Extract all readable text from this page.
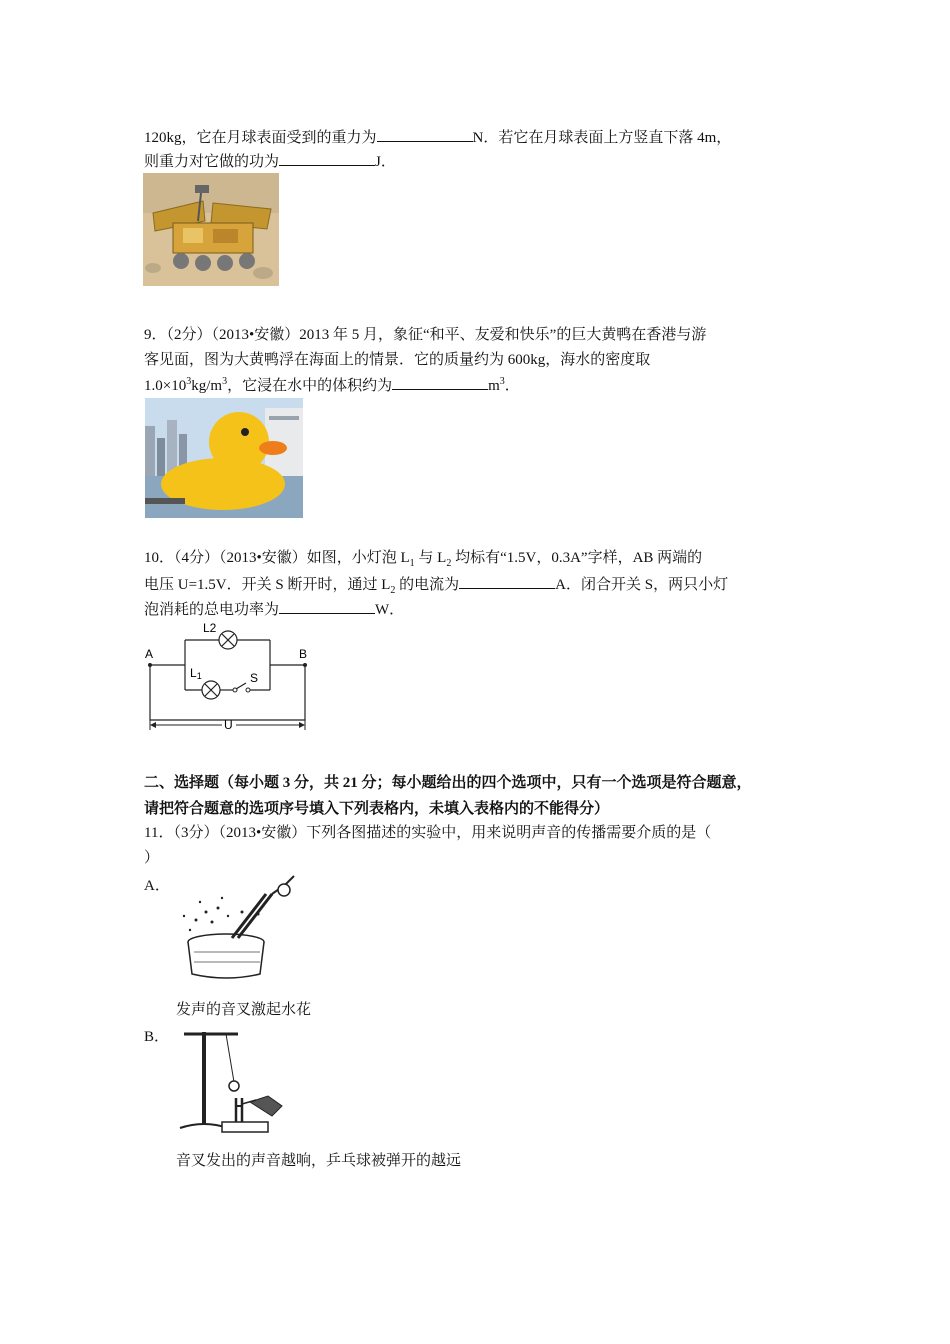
120kg，它在月球表面受到的重力为	N．若它在月球表面上方竖直下落 4m，
则重力对它做的功为	J．
9．（2分）（2013•安徽）2013 年 5 月，象征“和平、友爱和快乐”的巨大黄鸭在香港与游
客见面，图为大黄鸭浮在海面上的情景．它的质量约为 600kg，海水的密度取
$1.0\times 10^3kg/m^3$，它浸在水中的体积约为	$m^3$．
10．（4分）（2013•安徽）如图，小灯泡 $L_1$ 与 $L_2$ 均标有“1.5V，0.3A”字样，AB 两端的
电压 U=1.5V．开关 S 断开时，通过 $L_2$ 的电流为	A．闭合开关 S，两只小灯
泡消耗的总电功率为	W．
A	B
L2
L1	S
U
二、选择题（每小题 3 分，共 21 分；每小题给出的四个选项中，只有一个选项是符合题意，
请把符合题意的选项序号填入下列表格内，未填入表格内的不能得分）
11．（3分）（2013•安徽）下列各图描述的实验中，用来说明声音的传播需要介质的是（
）
A．
发声的音叉激起水花
B．
音叉发出的声音越响，乒乓球被弹开的越远
